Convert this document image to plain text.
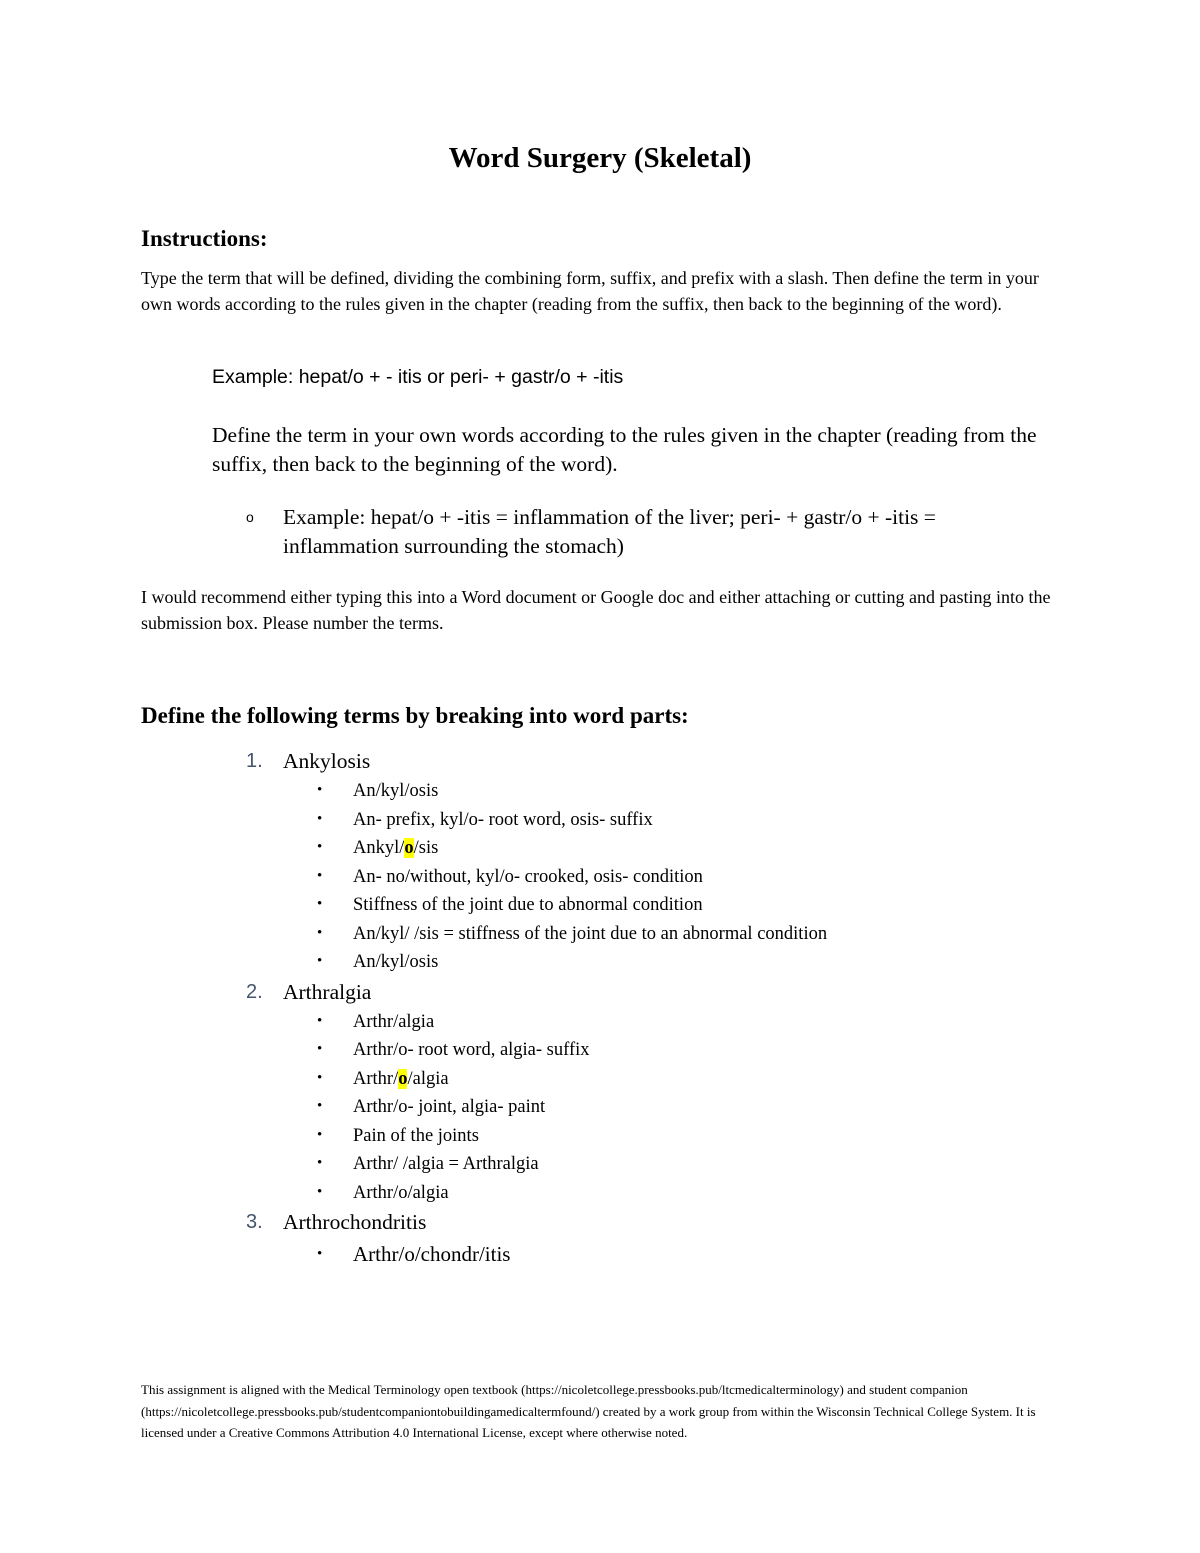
Word Surgery (Skeletal)
Instructions:

Type the term that will be defined, dividing the combining form, suffix, and prefix with a slash. Then define the term in your own words according to the rules given in the chapter (reading from the suffix, then back to the beginning of the word).

Example: hepat/o + - itis or peri- + gastr/o + -itis

Define the term in your own words according to the rules given in the chapter (reading from the suffix, then back to the beginning of the word).

o Example: hepat/o + -itis = inflammation of the liver; peri- + gastr/o + -itis = inflammation surrounding the stomach)

I would recommend either typing this into a Word document or Google doc and either attaching or cutting and pasting into the submission box. Please number the terms.

Define the following terms by breaking into word parts:
1. Ankylosis
• An/kyl/osis
• An- prefix, kyl/o- root word, osis- suffix
• Ankyl/o/sis
• An- no/without, kyl/o- crooked, osis- condition
• Stiffness of the joint due to abnormal condition
• An/kyl/ /sis = stiffness of the joint due to an abnormal condition
• An/kyl/osis
2. Arthralgia
• Arthr/algia
• Arthr/o- root word, algia- suffix
• Arthr/o/algia
• Arthr/o- joint, algia- paint
• Pain of the joints
• Arthr/ /algia = Arthralgia
• Arthr/o/algia
3. Arthrochondritis
• Arthr/o/chondr/itis

This assignment is aligned with the Medical Terminology open textbook (https://nicoletcollege.pressbooks.pub/ltcmedicalterminology) and student companion (https://nicoletcollege.pressbooks.pub/studentcompaniontobuildingamedicaltermfound/) created by a work group from within the Wisconsin Technical College System. It is licensed under a Creative Commons Attribution 4.0 International License, except where otherwise noted.
